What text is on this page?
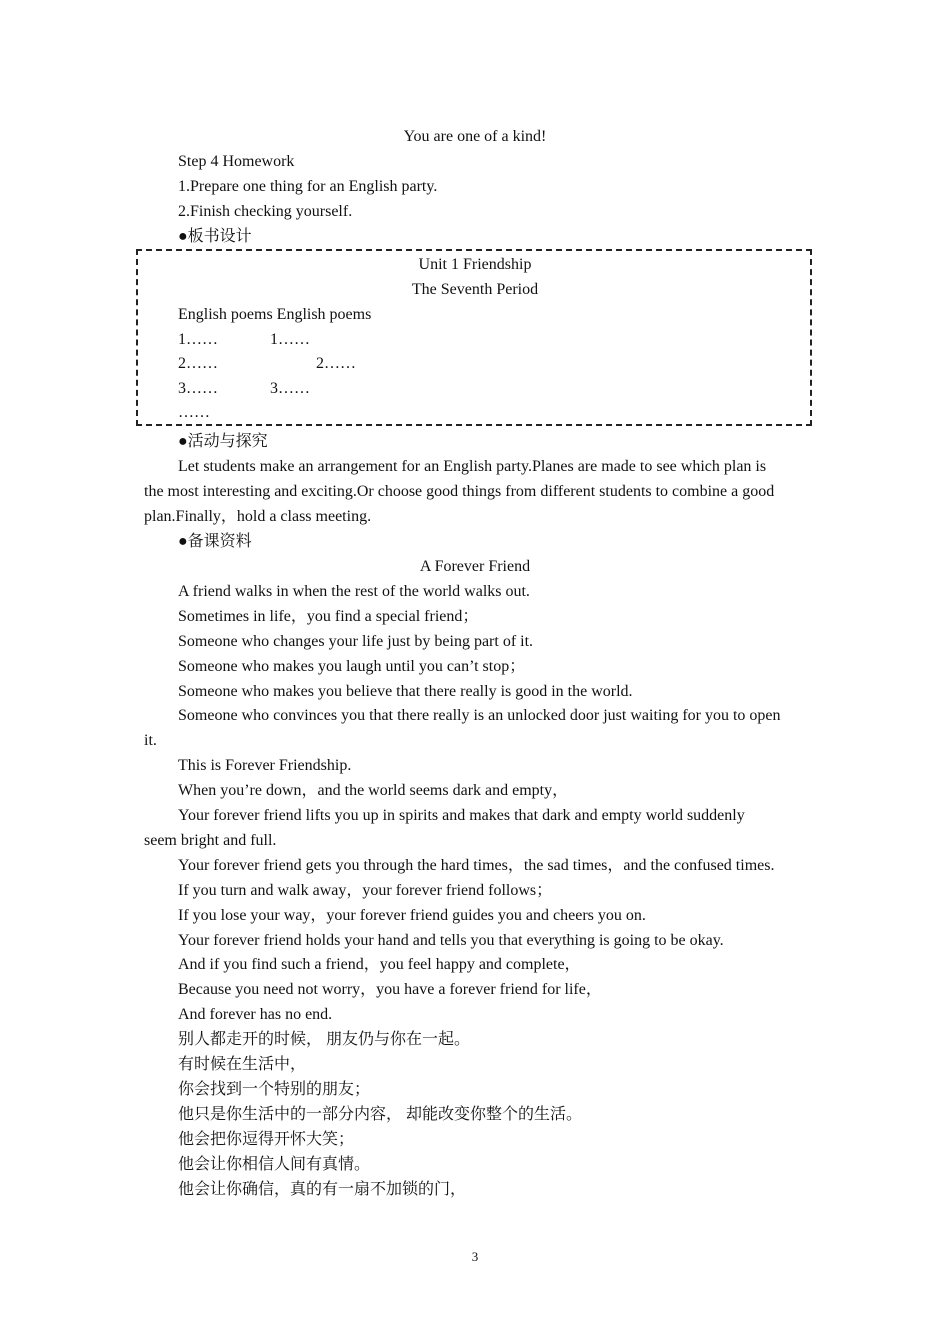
You are one of a kind!
Step 4 Homework
1.Prepare one thing for an English party.
2.Finish checking yourself.
●板书设计
Unit 1 Friendship
The Seventh Period
English poems English poems
1……	1……
2……	2……
3……	3……
……
●活动与探究
Let students make an arrangement for an English party.Planes are made to see which plan is
the most interesting and exciting.Or choose good things from different students to combine a good
plan.Finally，hold a class meeting.
●备课资料
A Forever Friend
A friend walks in when the rest of the world walks out.
Sometimes in life，you find a special friend；
Someone who changes your life just by being part of it.
Someone who makes you laugh until you can’t stop；
Someone who makes you believe that there really is good in the world.
Someone who convinces you that there really is an unlocked door just waiting for you to open
it.
This is Forever Friendship.
When you’re down，and the world seems dark and empty，
Your forever friend lifts you up in spirits and makes that dark and empty world suddenly
seem bright and full.
Your forever friend gets you through the hard times，the sad times，and the confused times.
If you turn and walk away，your forever friend follows；
If you lose your way，your forever friend guides you and cheers you on.
Your forever friend holds your hand and tells you that everything is going to be okay.
And if you find such a friend，you feel happy and complete，
Because you need not worry，you have a forever friend for life，
And forever has no end.
别人都走开的时候， 朋友仍与你在一起。
有时候在生活中，
你会找到一个特别的朋友；
他只是你生活中的一部分内容， 却能改变你整个的生活。
他会把你逗得开怀大笑；
他会让你相信人间有真情。
他会让你确信，真的有一扇不加锁的门，
3
